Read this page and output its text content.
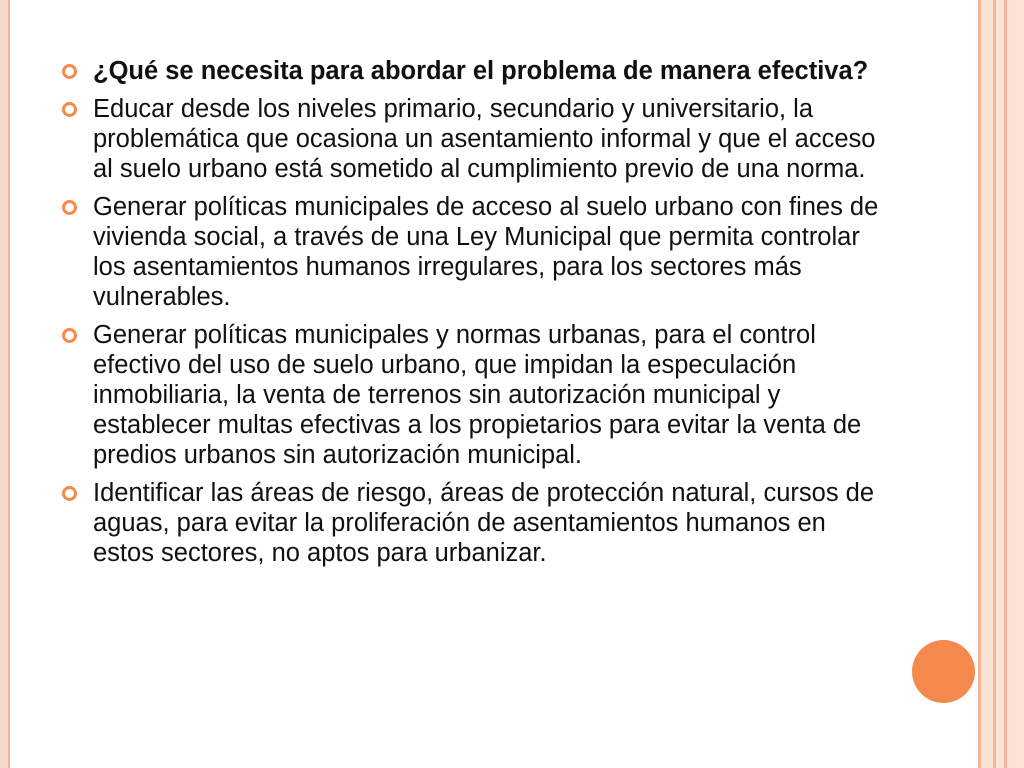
¿Qué se necesita para abordar el problema de manera efectiva?
Educar desde los niveles primario, secundario y universitario, la problemática que ocasiona un asentamiento informal y que el acceso al suelo urbano está sometido al cumplimiento previo de una norma.
Generar políticas municipales de acceso al suelo urbano con fines de vivienda social, a través de una Ley Municipal que permita controlar los asentamientos humanos irregulares, para los sectores más vulnerables.
Generar políticas municipales y normas urbanas, para el control efectivo del uso de suelo urbano, que impidan la especulación inmobiliaria, la venta de terrenos sin autorización municipal y establecer multas efectivas a los propietarios para evitar la venta de predios urbanos sin autorización municipal.
Identificar las áreas de riesgo, áreas de protección natural, cursos de aguas, para evitar la proliferación de asentamientos humanos en estos sectores, no aptos para urbanizar.
